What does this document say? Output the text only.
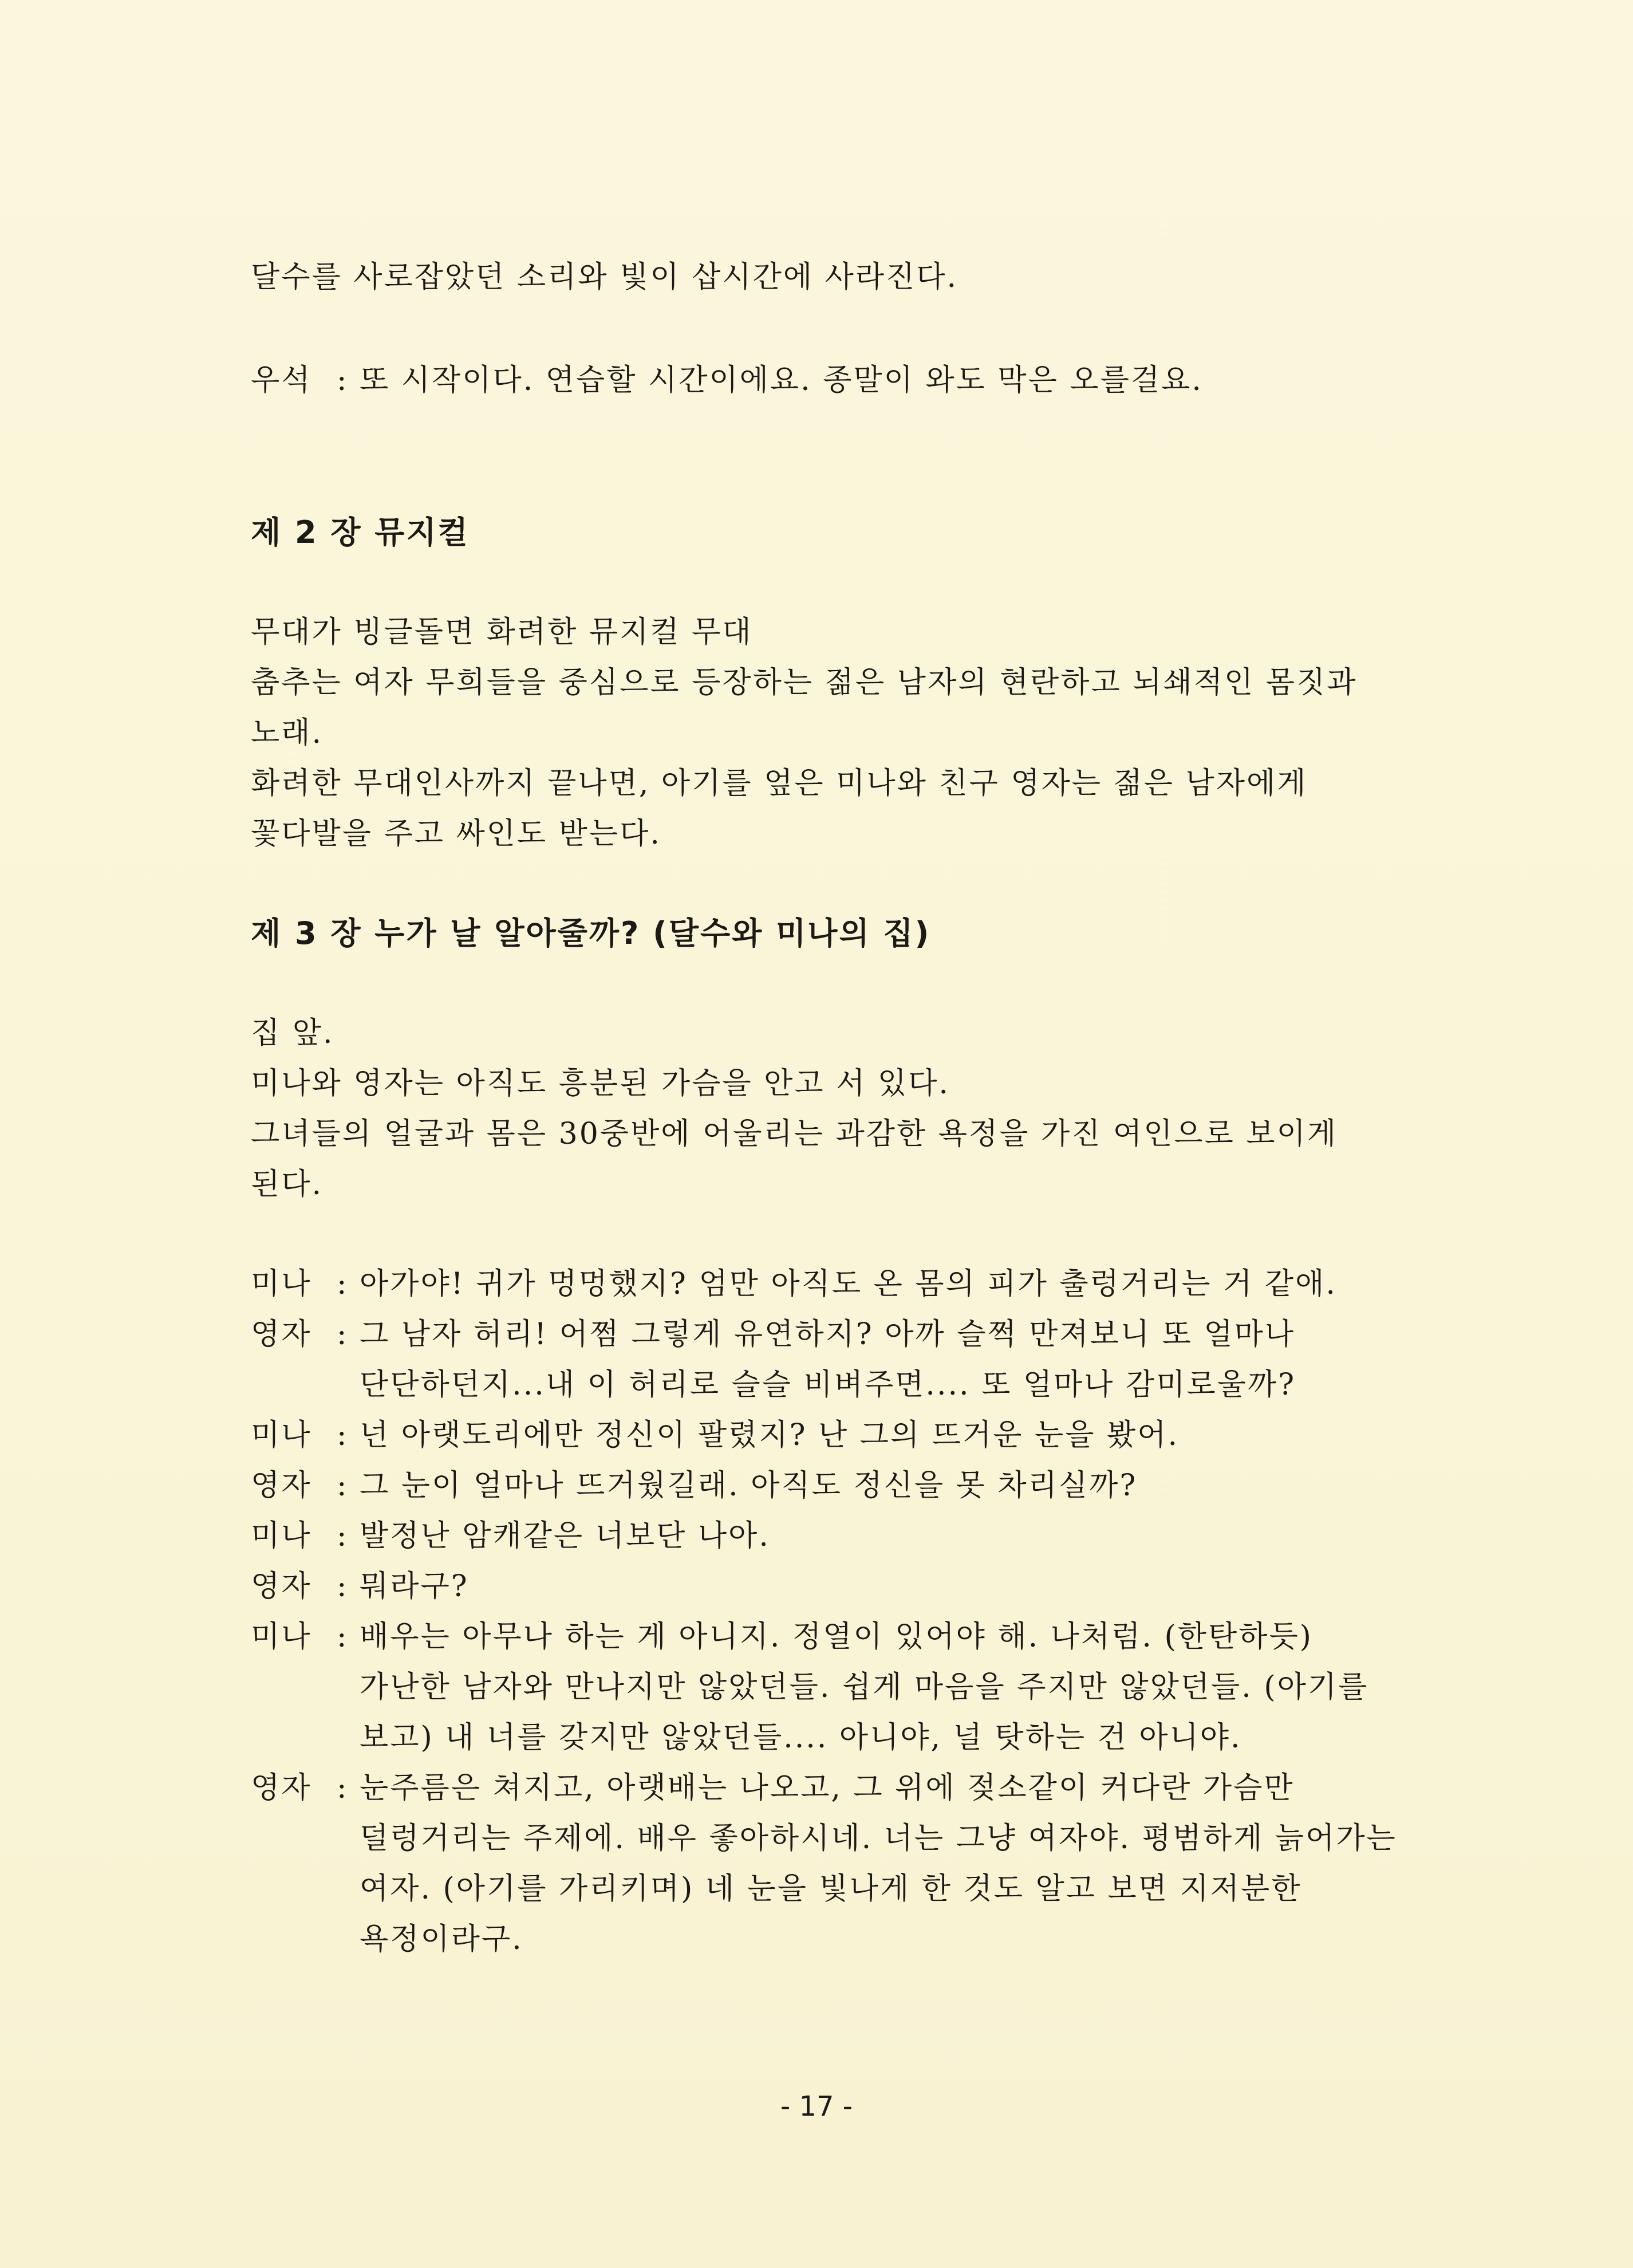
달수를 사로잡았던 소리와 빛이 삽시간에 사라진다.

우석 : 또 시작이다. 연습할 시간이에요. 종말이 와도 막은 오를걸요.

제 2 장 뮤지컬

무대가 빙글돌면 화려한 뮤지컬 무대

춤추는 여자 무희들을 중심으로 등장하는 젊은 남자의 현란하고 뇌쇄적인 몸짓과 노래.

화려한 무대인사까지 끝나면, 아기를 엎은 미나와 친구 영자는 젊은 남자에게 꽃다발을 주고 싸인도 받는다.

제 3 장 누가 날 알아줄까? (달수와 미나의 집)

집 앞.

미나와 영자는 아직도 흥분된 가슴을 안고 서 있다.

그녀들의 얼굴과 몸은 30중반에 어울리는 과감한 욕정을 가진 여인으로 보이게 된다.

미나 : 아가야! 귀가 멍멍했지? 엄만 아직도 온 몸의 피가 출렁거리는 거 같애.
영자 : 그 남자 허리! 어쩜 그렇게 유연하지? 아까 슬쩍 만져보니 또 얼마나 단단하던지...내 이 허리로 슬슬 비벼주면.... 또 얼마나 감미로울까?
미나 : 넌 아랫도리에만 정신이 팔렸지? 난 그의 뜨거운 눈을 봤어.
영자 : 그 눈이 얼마나 뜨거웠길래. 아직도 정신을 못 차리실까?
미나 : 발정난 암캐같은 너보단 나아.
영자 : 뭐라구?
미나 : 배우는 아무나 하는 게 아니지. 정열이 있어야 해. 나처럼. (한탄하듯) 가난한 남자와 만나지만 않았던들. 쉽게 마음을 주지만 않았던들. (아기를 보고) 내 너를 갖지만 않았던들.... 아니야, 널 탓하는 건 아니야.
영자 : 눈주름은 쳐지고, 아랫배는 나오고, 그 위에 젖소같이 커다란 가슴만 덜렁거리는 주제에. 배우 좋아하시네. 너는 그냥 여자야. 평범하게 늙어가는 여자. (아기를 가리키며) 네 눈을 빛나게 한 것도 알고 보면 지저분한 욕정이라구.
- 17 -
